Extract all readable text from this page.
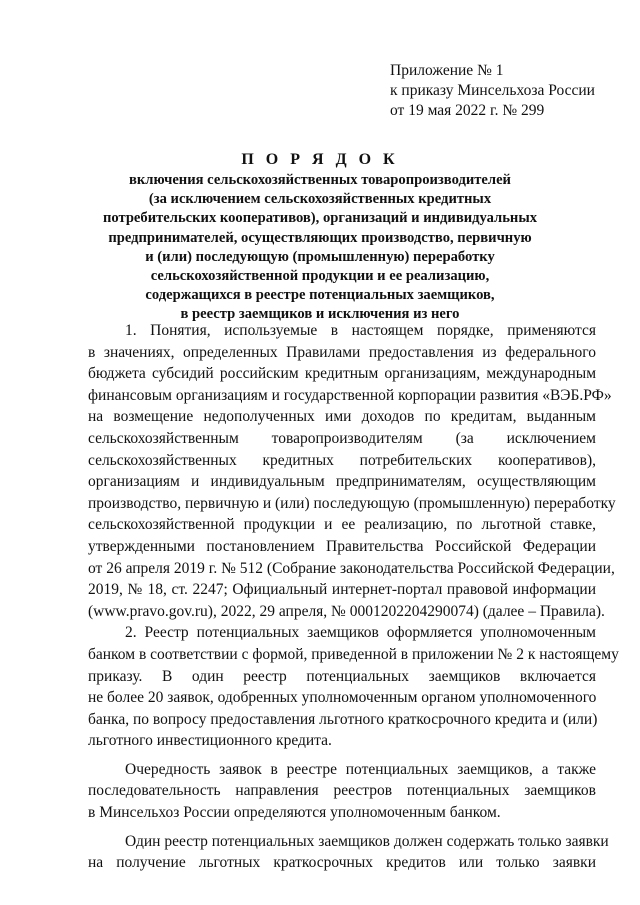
Приложение № 1
к приказу Минсельхоза России
от 19 мая 2022 г. № 299
П О Р Я Д О К
включения сельскохозяйственных товаропроизводителей
(за исключением сельскохозяйственных кредитных
потребительских кооперативов), организаций и индивидуальных
предпринимателей, осуществляющих производство, первичную
и (или) последующую (промышленную) переработку
сельскохозяйственной продукции и ее реализацию,
содержащихся в реестре потенциальных заемщиков,
в реестр заемщиков и исключения из него
1. Понятия, используемые в настоящем порядке, применяются
в значениях, определенных Правилами предоставления из федерального
бюджета субсидий российским кредитным организациям, международным
финансовым организациям и государственной корпорации развития «ВЭБ.РФ»
на возмещение недополученных ими доходов по кредитам, выданным
сельскохозяйственным товаропроизводителям (за исключением
сельскохозяйственных кредитных потребительских кооперативов),
организациям и индивидуальным предпринимателям, осуществляющим
производство, первичную и (или) последующую (промышленную) переработку
сельскохозяйственной продукции и ее реализацию, по льготной ставке,
утвержденными постановлением Правительства Российской Федерации
от 26 апреля 2019 г. № 512 (Собрание законодательства Российской Федерации,
2019, № 18, ст. 2247; Официальный интернет-портал правовой информации
(www.pravo.gov.ru), 2022, 29 апреля, № 0001202204290074) (далее – Правила).
2. Реестр потенциальных заемщиков оформляется уполномоченным
банком в соответствии с формой, приведенной в приложении № 2 к настоящему
приказу. В один реестр потенциальных заемщиков включается
не более 20 заявок, одобренных уполномоченным органом уполномоченного
банка, по вопросу предоставления льготного краткосрочного кредита и (или)
льготного инвестиционного кредита.
Очередность заявок в реестре потенциальных заемщиков, а также
последовательность направления реестров потенциальных заемщиков
в Минсельхоз России определяются уполномоченным банком.
Один реестр потенциальных заемщиков должен содержать только заявки
на получение льготных краткосрочных кредитов или только заявки
